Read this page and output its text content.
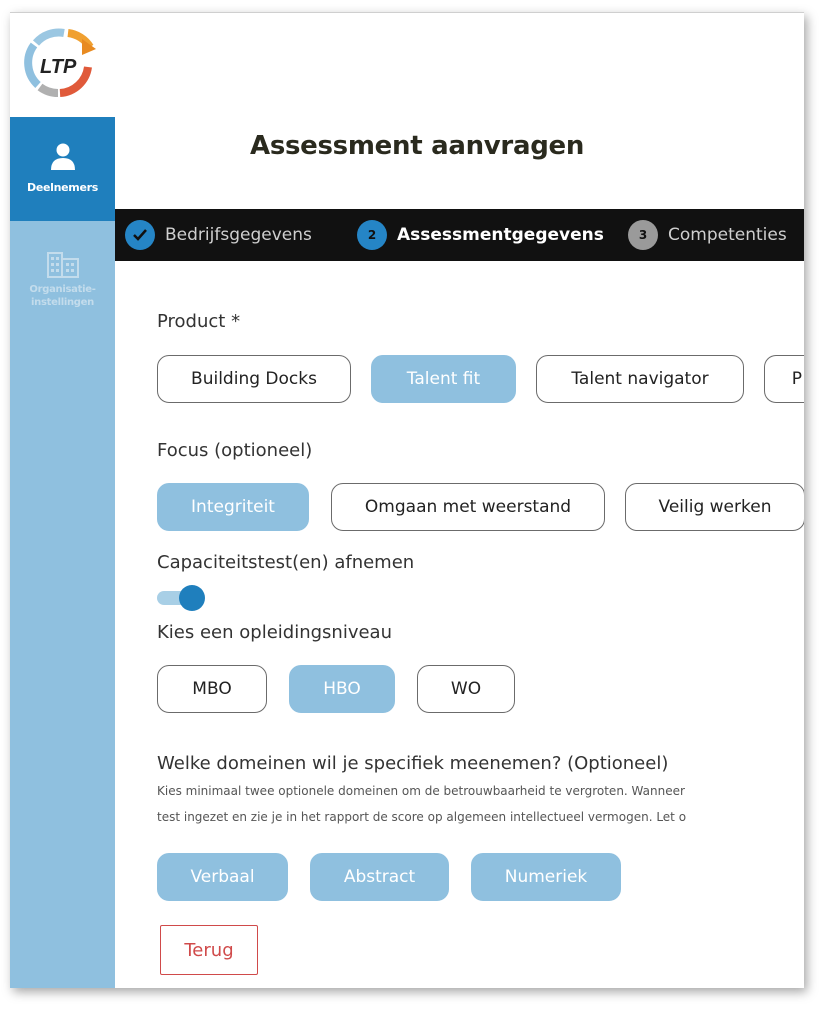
LTP
Deelnemers
Organisatie-
instellingen
Assessment aanvragen
Bedrijfsgegevens	2	Assessmentgegevens	3	Competenties
Product *
Building Docks	Talent fit	Talent navigator	P
Focus (optioneel)
Integriteit	Omgaan met weerstand	Veilig werken
Capaciteitstest(en) afnemen
Kies een opleidingsniveau
MBO	HBO	WO
Welke domeinen wil je specifiek meenemen? (Optioneel)
Kies minimaal twee optionele domeinen om de betrouwbaarheid te vergroten. Wanneer
test ingezet en zie je in het rapport de score op algemeen intellectueel vermogen. Let o
Verbaal	Abstract	Numeriek
Terug
